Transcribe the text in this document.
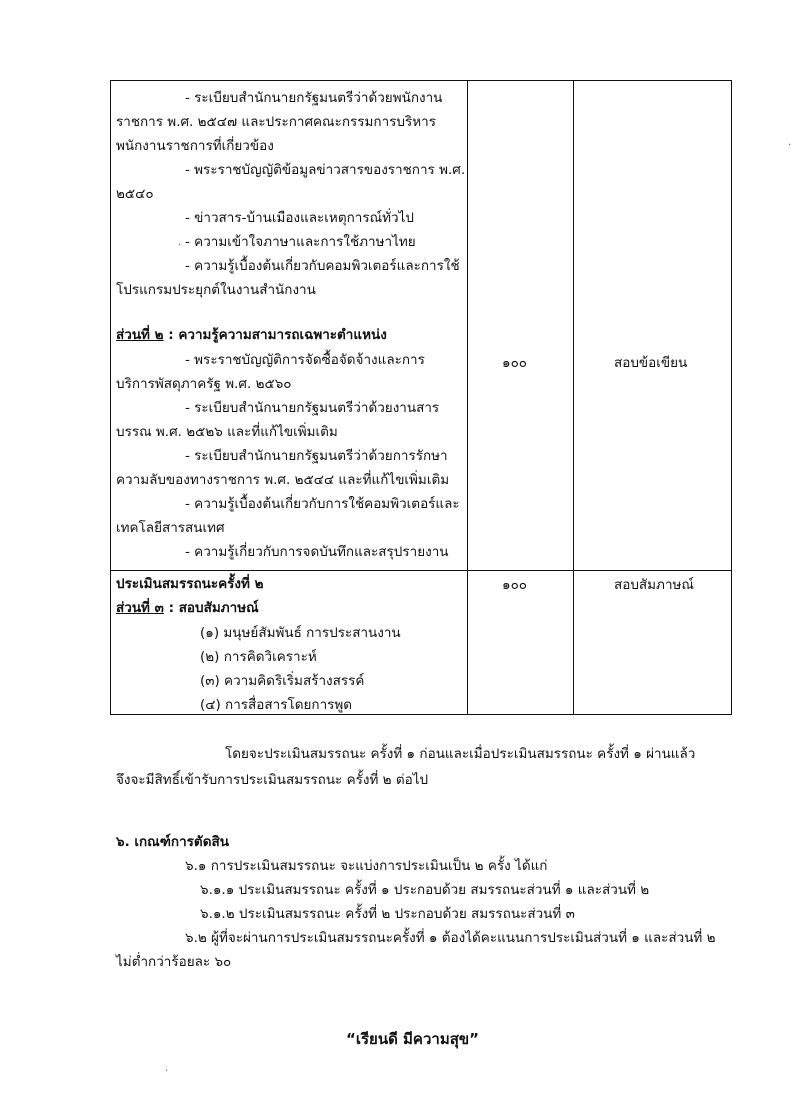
- ระเบียบสำนักนายกรัฐมนตรีว่าด้วยพนักงาน
ราชการ พ.ศ. ๒๕๔๗ และประกาศคณะกรรมการบริหาร
พนักงานราชการที่เกี่ยวข้อง
- พระราชบัญญัติข้อมูลข่าวสารของราชการ พ.ศ.
๒๕๔๐
- ข่าวสาร-บ้านเมืองและเหตุการณ์ทั่วไป
- ความเข้าใจภาษาและการใช้ภาษาไทย
- ความรู้เบื้องต้นเกี่ยวกับคอมพิวเตอร์และการใช้
โปรแกรมประยุกต์ในงานสำนักงาน
ส่วนที่ ๒ : ความรู้ความสามารถเฉพาะตำแหน่ง
- พระราชบัญญัติการจัดซื้อจัดจ้างและการ
บริการพัสดุภาครัฐ พ.ศ. ๒๕๖๐
- ระเบียบสำนักนายกรัฐมนตรีว่าด้วยงานสาร
บรรณ พ.ศ. ๒๕๒๖ และที่แก้ไขเพิ่มเติม
- ระเบียบสำนักนายกรัฐมนตรีว่าด้วยการรักษา
ความลับของทางราชการ พ.ศ. ๒๕๔๔ และที่แก้ไขเพิ่มเติม
- ความรู้เบื้องต้นเกี่ยวกับการใช้คอมพิวเตอร์และ
เทคโลยีสารสนเทศ
- ความรู้เกี่ยวกับการจดบันทึกและสรุปรายงาน
๑๐๐	สอบข้อเขียน
ประเมินสมรรถนะครั้งที่ ๒
ส่วนที่ ๓ : สอบสัมภาษณ์
(๑) มนุษย์สัมพันธ์ การประสานงาน
(๒) การคิดวิเคราะห์
(๓) ความคิดริเริ่มสร้างสรรค์
(๔) การสื่อสารโดยการพูด
๑๐๐	สอบสัมภาษณ์
โดยจะประเมินสมรรถนะ ครั้งที่ ๑ ก่อนและเมื่อประเมินสมรรถนะ ครั้งที่ ๑ ผ่านแล้ว
จึงจะมีสิทธิ์เข้ารับการประเมินสมรรถนะ ครั้งที่ ๒ ต่อไป
๖. เกณฑ์การตัดสิน
๖.๑ การประเมินสมรรถนะ จะแบ่งการประเมินเป็น ๒ ครั้ง ได้แก่
๖.๑.๑ ประเมินสมรรถนะ ครั้งที่ ๑ ประกอบด้วย สมรรถนะส่วนที่ ๑ และส่วนที่ ๒
๖.๑.๒ ประเมินสมรรถนะ ครั้งที่ ๒ ประกอบด้วย สมรรถนะส่วนที่ ๓
๖.๒ ผู้ที่จะผ่านการประเมินสมรรถนะครั้งที่ ๑ ต้องได้คะแนนการประเมินส่วนที่ ๑ และส่วนที่ ๒
ไม่ต่ำกว่าร้อยละ ๖๐
“เรียนดี มีความสุข”
·
·
·
